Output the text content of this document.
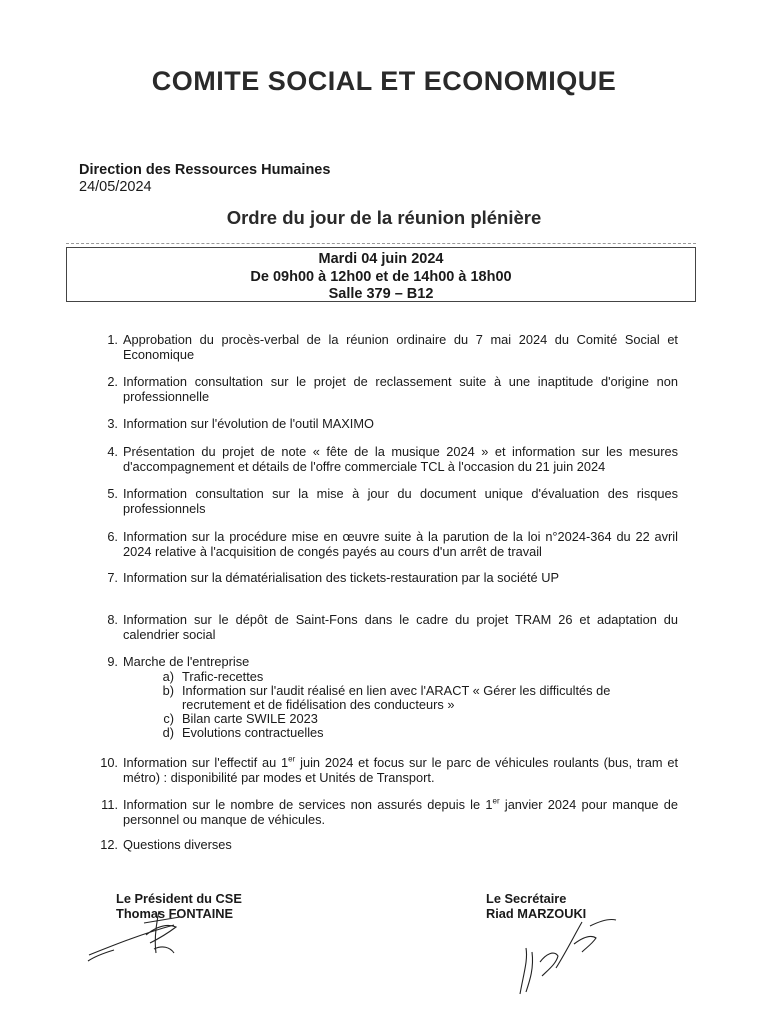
COMITE SOCIAL ET ECONOMIQUE
Direction des Ressources Humaines
24/05/2024
Ordre du jour de la réunion plénière
Mardi 04 juin 2024
De 09h00 à 12h00 et de 14h00 à 18h00
Salle 379 – B12
1. Approbation du procès-verbal de la réunion ordinaire du 7 mai 2024 du Comité Social et
Economique
2. Information consultation sur le projet de reclassement suite à une inaptitude d'origine non
professionnelle
3. Information sur l'évolution de l'outil MAXIMO
4. Présentation du projet de note « fête de la musique 2024 » et information sur les mesures
d'accompagnement et détails de l'offre commerciale TCL à l'occasion du 21 juin 2024
5. Information consultation sur la mise à jour du document unique d'évaluation des risques
professionnels
6. Information sur la procédure mise en œuvre suite à la parution de la loi n°2024-364 du 22 avril
2024 relative à l'acquisition de congés payés au cours d'un arrêt de travail
7. Information sur la dématérialisation des tickets-restauration par la société UP
8. Information sur le dépôt de Saint-Fons dans le cadre du projet TRAM 26 et adaptation du
calendrier social
9. Marche de l'entreprise
a) Trafic-recettes
b) Information sur l'audit réalisé en lien avec l'ARACT « Gérer les difficultés de
recrutement et de fidélisation des conducteurs »
c) Bilan carte SWILE 2023
d) Evolutions contractuelles
10. Information sur l'effectif au 1er juin 2024 et focus sur le parc de véhicules roulants (bus, tram et
métro) : disponibilité par modes et Unités de Transport.
11. Information sur le nombre de services non assurés depuis le 1er janvier 2024 pour manque de
personnel ou manque de véhicules.
12. Questions diverses
Le Président du CSE
Thomas FONTAINE
Le Secrétaire
Riad MARZOUKI
